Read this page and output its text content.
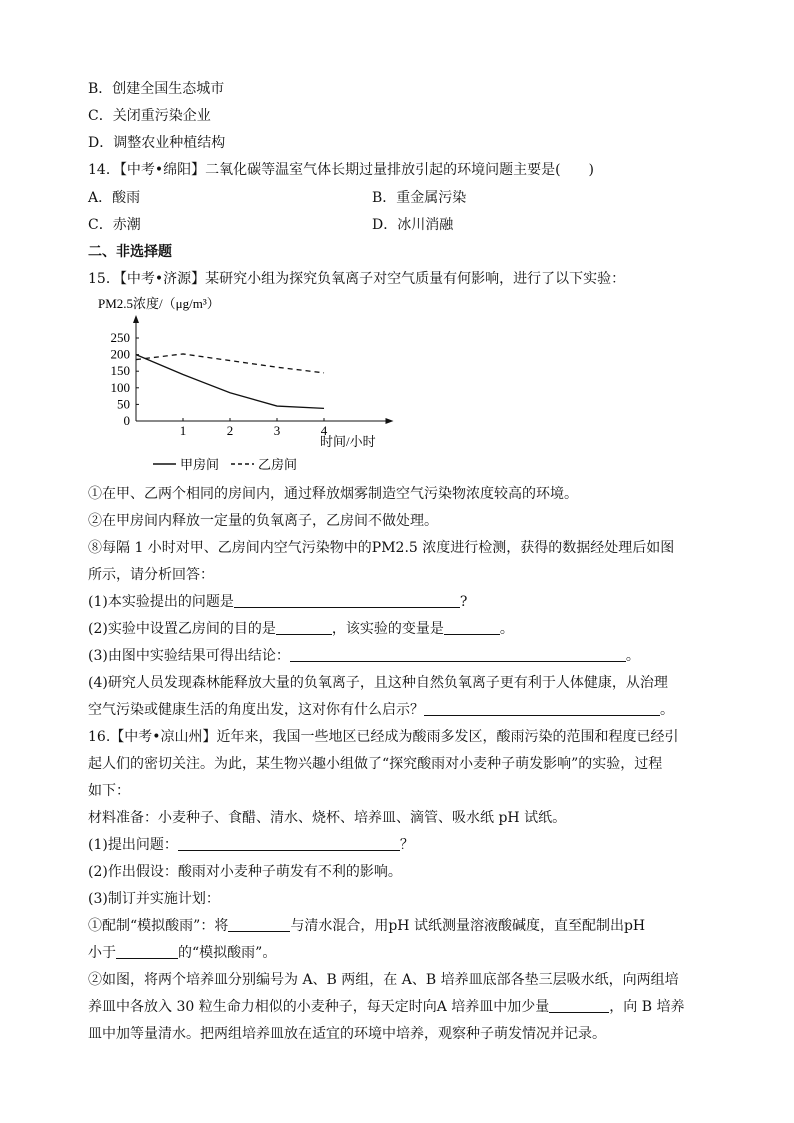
B．创建全国生态城市
C．关闭重污染企业
D．调整农业种植结构
14．【中考•绵阳】二氧化碳等温室气体长期过量排放引起的环境问题主要是(　　)
A．酸雨	B．重金属污染
C．赤潮	D．冰川消融
二、非选择题
15．【中考•济源】某研究小组为探究负氧离子对空气质量有何影响，进行了以下实验：
PM2.5浓度/（μg/m³）
0
50
100
150
200
250
1	2	3	4
时间/小时
甲房间	乙房间
①在甲、乙两个相同的房间内，通过释放烟雾制造空气污染物浓度较高的环境。
②在甲房间内释放一定量的负氧离子，乙房间不做处理。
⑧每隔 1 小时对甲、乙房间内空气污染物中的PM2.5 浓度进行检测，获得的数据经处理后如图
所示，请分析回答：
(1)本实验提出的问题是	?
(2)实验中设置乙房间的目的是	，该实验的变量是	。
(3)由图中实验结果可得出结论：	。
(4)研究人员发现森林能释放大量的负氧离子，且这种自然负氧离子更有利于人体健康，从治理
空气污染或健康生活的角度出发，这对你有什么启示？	。
16.【中考•凉山州】近年来，我国一些地区已经成为酸雨多发区，酸雨污染的范围和程度已经引
起人们的密切关注。为此，某生物兴趣小组做了“探究酸雨对小麦种子萌发影响”的实验，过程
如下：
材料准备：小麦种子、食醋、清水、烧杯、培养皿、滴管、吸水纸 pH 试纸。
(1)提出问题：	？
(2)作出假设：酸雨对小麦种子萌发有不利的影响。
(3)制订并实施计划：
①配制“模拟酸雨”：将	与清水混合，用pH 试纸测量溶液酸碱度，直至配制出pH
小于	的“模拟酸雨”。
②如图，将两个培养皿分别编号为 A、B 两组，在 A、B 培养皿底部各垫三层吸水纸，向两组培
养皿中各放入 30 粒生命力相似的小麦种子，每天定时向A 培养皿中加少量	，向 B 培养
皿中加等量清水。把两组培养皿放在适宜的环境中培养，观察种子萌发情况并记录。
